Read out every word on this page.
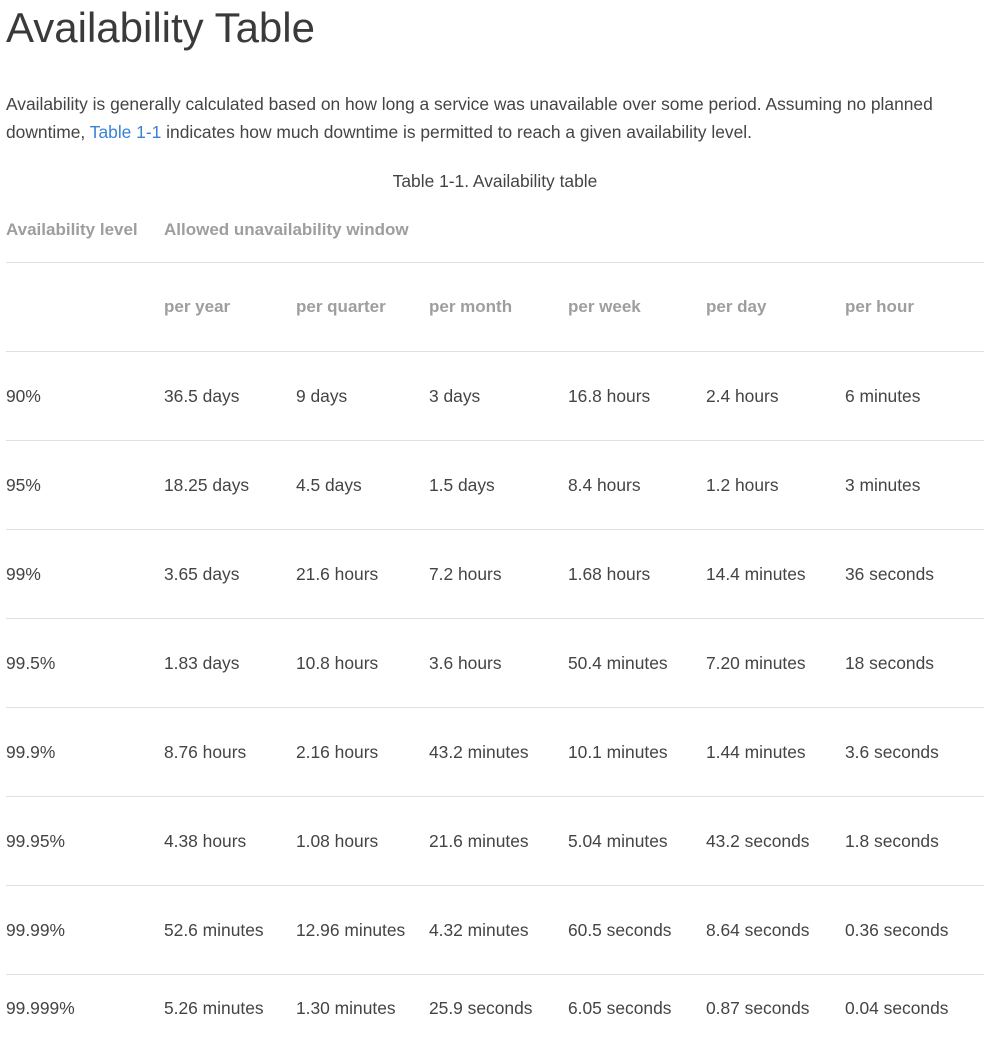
Availability Table

Availability is generally calculated based on how long a service was unavailable over some period. Assuming no planned downtime, Table 1-1 indicates how much downtime is permitted to reach a given availability level.

Table 1-1. Availability table
Availability level	Allowed unavailability window					
	per year	per quarter	per month	per week	per day	per hour
90%	36.5 days	9 days	3 days	16.8 hours	2.4 hours	6 minutes
95%	18.25 days	4.5 days	1.5 days	8.4 hours	1.2 hours	3 minutes
99%	3.65 days	21.6 hours	7.2 hours	1.68 hours	14.4 minutes	36 seconds
99.5%	1.83 days	10.8 hours	3.6 hours	50.4 minutes	7.20 minutes	18 seconds
99.9%	8.76 hours	2.16 hours	43.2 minutes	10.1 minutes	1.44 minutes	3.6 seconds
99.95%	4.38 hours	1.08 hours	21.6 minutes	5.04 minutes	43.2 seconds	1.8 seconds
99.99%	52.6 minutes	12.96 minutes	4.32 minutes	60.5 seconds	8.64 seconds	0.36 seconds
99.999%	5.26 minutes	1.30 minutes	25.9 seconds	6.05 seconds	0.87 seconds	0.04 seconds
